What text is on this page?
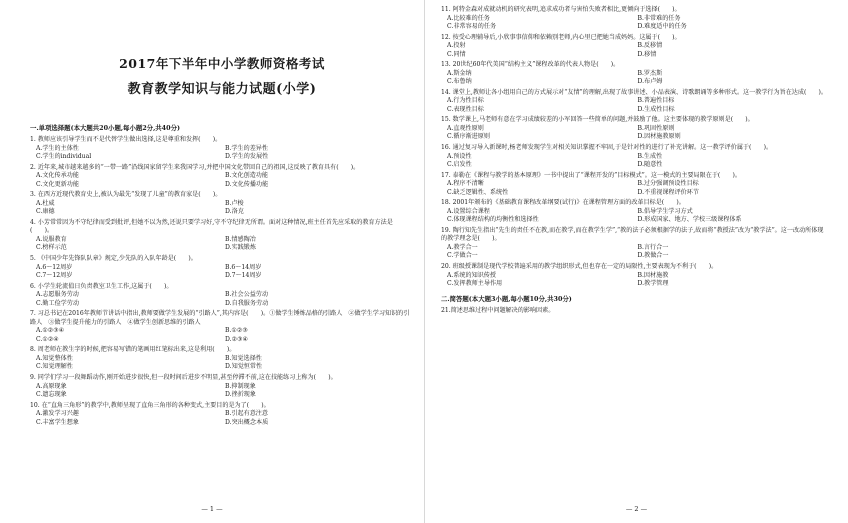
2017年下半年中小学教师资格考试
教育教学知识与能力试题(小学)
一.单项选择题(本大题共20小题,每小题2分,共40分)
1. 教师应该引导学生而不是代替学生做出选择,这是尊重和发挥(　　)。
A.学生的主体性	B.学生的差异性
C.学生的individual	D.学生的发展性
2. 近年来,城市越来越多的“一带一路”沿线国家留学生来我国学习,并把中国文化带回自己的祖国,这反映了教育具有(　　)。
A.文化传承功能	B.文化创造功能
C.文化更新功能	D.文化传播功能
3. 在西方近现代教育史上,被认为最先“发现了儿童”的教育家是(　　)。
A.杜威	B.卢梭
C.康德	D.洛克
4. 小芳常常因为不守纪律而受到批评,但她不以为然,还说只要学习好,守不守纪律无所谓。面对这种情况,班主任首先应采取的教育方法是(　　)。
A.说服教育	B.情感陶冶
C.榜样示范	D.实践锻炼
5. 《中国少年先锋队队章》规定,少先队的入队年龄是(　　)。
A.6～12周岁	B.6～14周岁
C.7～12周岁	D.7～14周岁
6. 小学生轮流值日负责教室卫生工作,这属于(　　)。
A.志愿服务劳动	B.社会公益劳动
C.勤工俭学劳动	D.自我服务劳动
7. 习总书记在2016年教师节讲话中指出,教师要做学生发展的“引路人”,其内容是(　　)。①做学生锤炼品格的引路人　②做学生学习知识的引路人　③做学生提升能力的引路人　④做学生创新思维的引路人
A.①②③④	B.①②③
C.①②④	D.②③④
8. 周老师在教生字的时候,把容易写错的笔画用红笔标出来,这是利用(　　)。
A.知觉整体性	B.知觉选择性
C.知觉理解性	D.知觉恒常性
9. 同学们学习一段舞蹈动作,刚开始进步很快,但一段时间后进步不明显,甚至停滞不前,这在技能练习上称为(　　)。
A.高原现象	B.抑制现象
C.遗忘现象	D.挫折现象
10. 在“直角三角形”的教学中,教师呈现了直角三角形的各种变式,主要目的是为了(　　)。
A.激发学习兴趣	B.引起有意注意
C.丰富学生想象	D.突出概念本质
— 1 —
11. 阿特金森对成就动机的研究表明,追求成功者与害怕失败者相比,更倾向于选择(　　)。
A.比较难的任务	B.非常难的任务
C.非常容易的任务	D.难度适中的任务
12. 按受心理辅导后,小欣事事信仰和依赖别老师,内心里已把她当成妈妈。这属于(　　)。
A.投射	B.反移情
C.同情	D.移情
13. 20世纪60年代美国“结构主义”课程改革的代表人物是(　　)。
A.斯金纳	B.罗杰斯
C.布鲁纳	D.布卢姆
14. 课堂上,教师让各小组用自己的方式展示对“友情”的理解,出现了故事讲述、小品表演、诗歌朗诵等多种形式。这一教学行为旨在达成(　　)。
A.行为性目标	B.普遍性目标
C.表现性目标	D.生成性目标
15. 数学课上,马老师有意在学习成绩较差的小军回答一些简单的问题,并鼓励了他。这主要体现的教学原则是(　　)。
A.直观性原则	B.巩固性原则
C.循序渐进原则	D.因材施教原则
16. 通过复习导入新课时,杨老师发现学生对相关知识掌握不牢固,于是针对性的进行了补充讲解。这一教学评价属于(　　)。
A.预设性	B.生成性
C.启发性	D.随意性
17. 泰勒在《课程与教学的基本原理》一书中提出了“课程开发的”目标模式”。这一模式的主要局限在于(　　)。
A.程序不清晰	B.过分强调预设性目标
C.缺乏逻辑性、系统性	D.不重视课程评价环节
18. 2001年颁布的《基础教育课程改革纲要(试行)》在课程管理方面的改革目标是(　　)。
A.设置综合课程	B.倡导学生学习方式
C.体现课程结构的均衡性和选择性	D.形成国家、地方、学校三级课程体系
19. 陶行知先生指出“先生的责任不在教,而在教学,而在教学生学”,“教的法子必须根据学的法子,故而将“教授法”改为“教学法”。这一改动所体现的教学理念是(　　)。
A.教学合一	B.言行合一
C.学做合一	D.教做合一
20. 班级授课制是现代学校普遍采用的教学组织形式,但也存在一定的局限性,主要表现为不利于(　　)。
A.系统的知识传授	B.因材施教
C.发挥教师主导作用	D.教学管理
二.简答题(本大题3小题,每小题10分,共30分)
21.简述思维过程中问题解决的影响因素。
— 2 —
